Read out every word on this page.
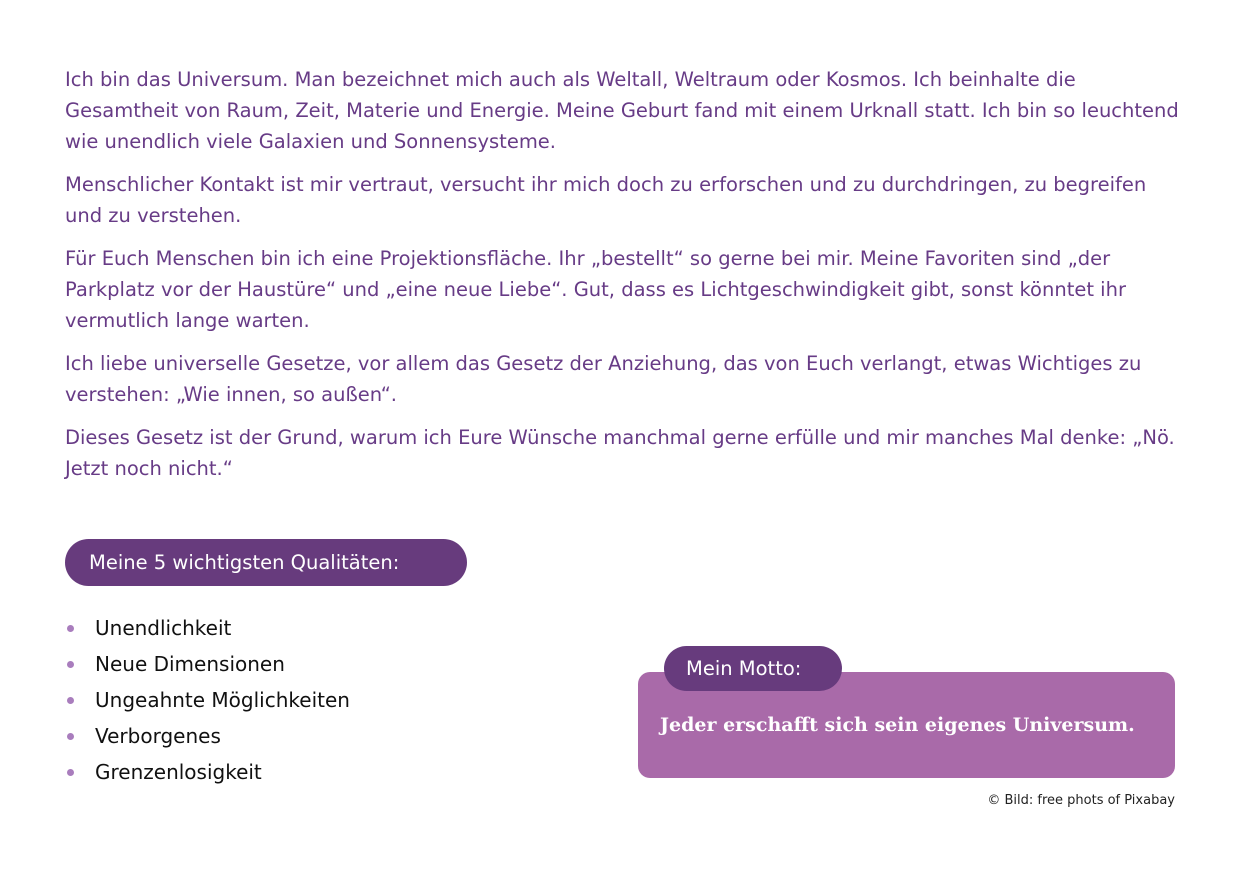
Ich bin das Universum. Man bezeichnet mich auch als Weltall, Weltraum oder Kosmos. Ich beinhalte die Gesamtheit von Raum, Zeit, Materie und Energie. Meine Geburt fand mit einem Urknall statt. Ich bin so leuchtend wie unendlich viele Galaxien und Sonnensysteme.

Menschlicher Kontakt ist mir vertraut, versucht ihr mich doch zu erforschen und zu durchdringen, zu begreifen und zu verstehen.

Für Euch Menschen bin ich eine Projektionsfläche. Ihr „bestellt“ so gerne bei mir. Meine Favoriten sind „der Parkplatz vor der Haustüre“ und „eine neue Liebe“. Gut, dass es Lichtgeschwindigkeit gibt, sonst könntet ihr vermutlich lange warten.

Ich liebe universelle Gesetze, vor allem das Gesetz der Anziehung, das von Euch verlangt, etwas Wichtiges zu verstehen: „Wie innen, so außen“.

Dieses Gesetz ist der Grund, warum ich Eure Wünsche manchmal gerne erfülle und mir manches Mal denke: „Nö. Jetzt noch nicht.“

Meine 5 wichtigsten Qualitäten:
Unendlichkeit
Neue Dimensionen
Ungeahnte Möglichkeiten
Verborgenes
Grenzenlosigkeit
Jeder erschafft sich sein eigenes Universum.
Mein Motto:
© Bild: free phots of Pixabay
